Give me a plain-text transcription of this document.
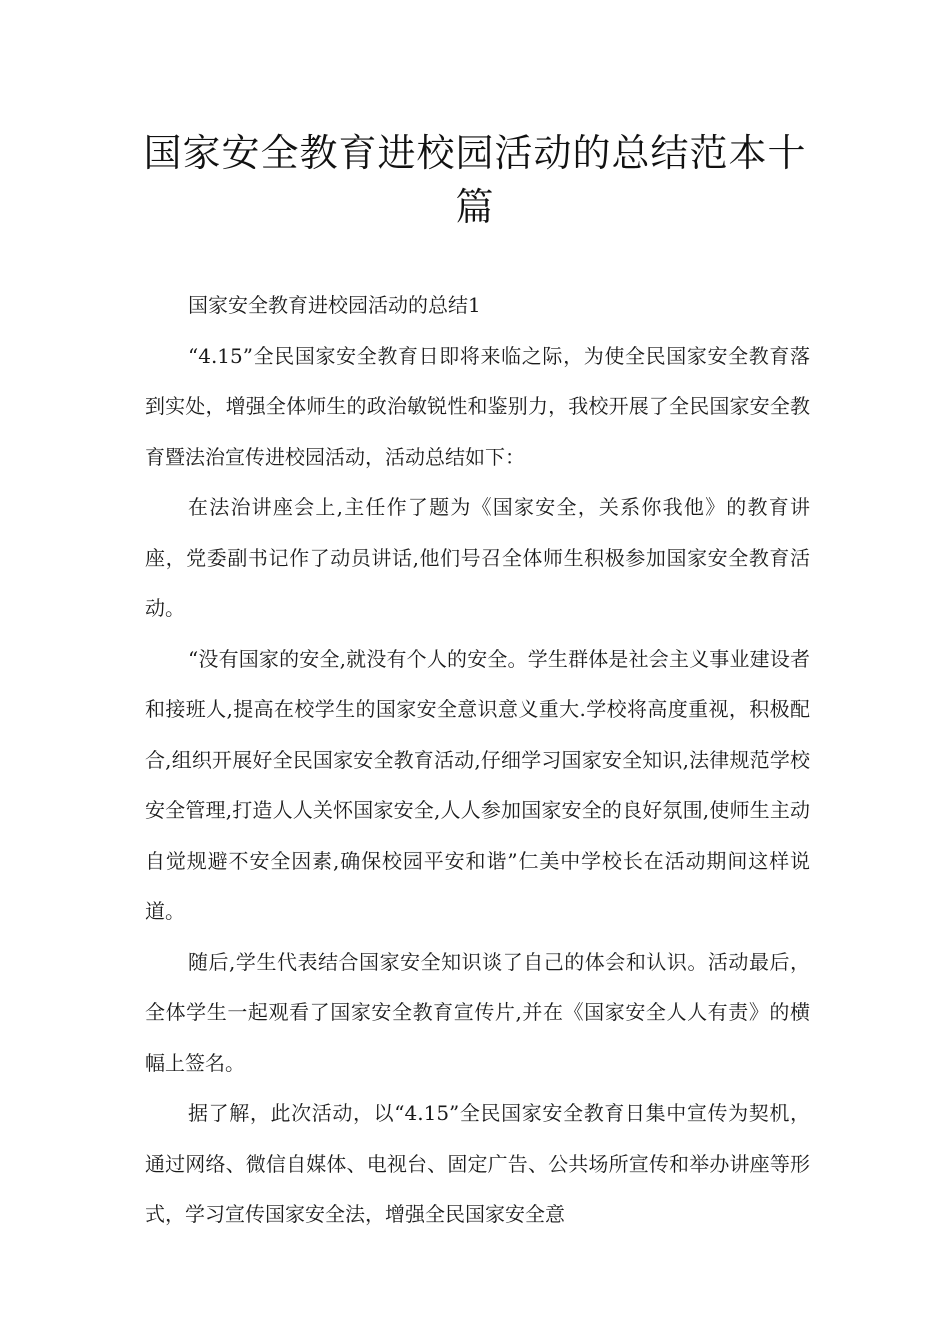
国家安全教育进校园活动的总结范本十篇
国家安全教育进校园活动的总结1

“4.15”全民国家安全教育日即将来临之际，为使全民国家安全教育落到实处，增强全体师生的政治敏锐性和鉴别力，我校开展了全民国家安全教育暨法治宣传进校园活动，活动总结如下：

在法治讲座会上,主任作了题为《国家安全，关系你我他》的教育讲座，党委副书记作了动员讲话,他们号召全体师生积极参加国家安全教育活动。

“没有国家的安全,就没有个人的安全。学生群体是社会主义事业建设者和接班人,提高在校学生的国家安全意识意义重大.学校将高度重视，积极配合,组织开展好全民国家安全教育活动,仔细学习国家安全知识,法律规范学校安全管理,打造人人关怀国家安全,人人参加国家安全的良好氛围,使师生主动自觉规避不安全因素,确保校园平安和谐”仁美中学校长在活动期间这样说道。

随后,学生代表结合国家安全知识谈了自己的体会和认识。活动最后，全体学生一起观看了国家安全教育宣传片,并在《国家安全人人有责》的横幅上签名。

据了解，此次活动，以“4.15”全民国家安全教育日集中宣传为契机，通过网络、微信自媒体、电视台、固定广告、公共场所宣传和举办讲座等形式，学习宣传国家安全法，增强全民国家安全意
